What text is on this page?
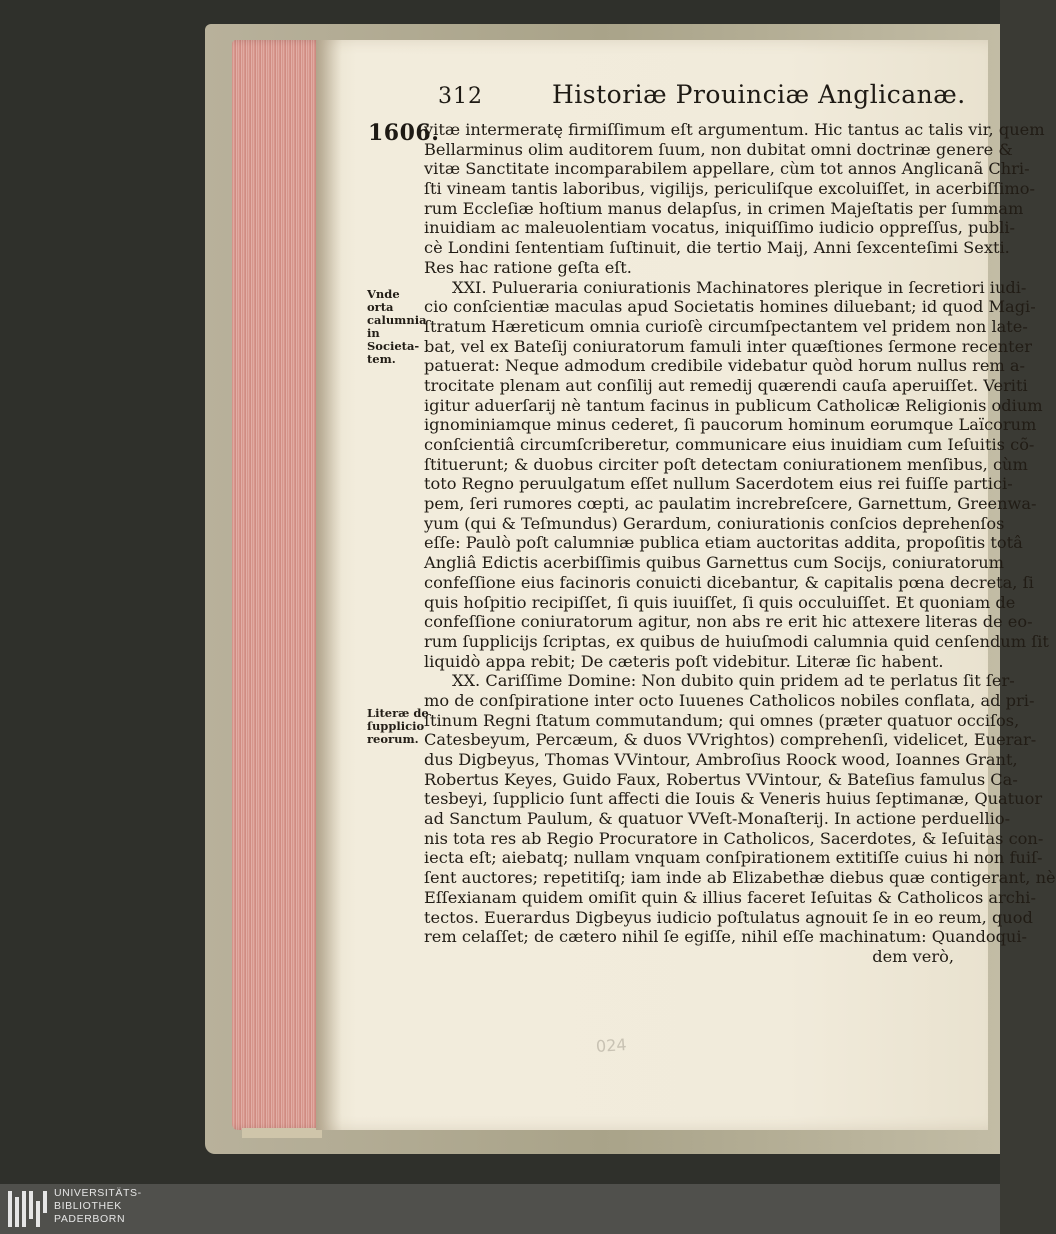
312	Historiæ Prouinciæ Anglicanæ.
1606.
Vnde orta
calumnia
in Societa-
tem.
Literæ de
ſupplicio
reorum.
vitæ intermeratę firmiſſimum eſt argumentum. Hic tantus ac talis vir, quem
Bellarminus olim auditorem ſuum, non dubitat omni doctrinæ genere &
vitæ Sanctitate incomparabilem appellare, cùm tot annos Anglicanã Chri-
ſti vineam tantis laboribus, vigilijs, periculiſque excoluiſſet, in acerbiſſimo-
rum Eccleſiæ hoſtium manus delapſus, in crimen Majeſtatis per ſummam
inuidiam ac maleuolentiam vocatus, iniquiſſimo iudicio oppreſſus, publi-
cè Londini ſententiam ſuſtinuit, die tertio Maij, Anni ſexcenteſimi Sexti.
Res hac ratione geſta eſt.
XXI. Pulueraria coniurationis Machinatores plerique in ſecretiori iudi-
cio conſcientiæ maculas apud Societatis homines diluebant; id quod Magi-
ſtratum Hæreticum omnia curioſè circumſpectantem vel pridem non late-
bat, vel ex Bateſij coniuratorum famuli inter quæſtiones ſermone recenter
patuerat: Neque admodum credibile videbatur quòd horum nullus rem a-
trocitate plenam aut conſilij aut remedij quærendi cauſa aperuiſſet. Veriti
igitur aduerſarij nè tantum facinus in publicum Catholicæ Religionis odium
ignominiamque minus cederet, ſi paucorum hominum eorumque Laïcorum
conſcientiâ circumſcriberetur, communicare eius inuidiam cum Ieſuitis cõ-
ſtituerunt; & duobus circiter poſt detectam coniurationem menſibus, cùm
toto Regno peruulgatum eſſet nullum Sacerdotem eius rei fuiſſe partici-
pem, ſeri rumores cœpti, ac paulatim increbreſcere, Garnettum, Greenwa-
yum (qui & Teſmundus) Gerardum, coniurationis conſcios deprehenſos
eſſe: Paulò poſt calumniæ publica etiam auctoritas addita, propoſitis totâ
Angliâ Edictis acerbiſſimis quibus Garnettus cum Socijs, coniuratorum
confeſſione eius facinoris conuicti dicebantur, & capitalis pœna decreta, ſi
quis hoſpitio recipiſſet, ſi quis iuuiſſet, ſi quis occuluiſſet. Et quoniam de
confeſſione coniuratorum agitur, non abs re erit hic attexere literas de eo-
rum ſupplicijs ſcriptas, ex quibus de huiuſmodi calumnia quid cenſendum ſit
liquidò appa rebit; De cæteris poſt videbitur. Literæ ſic habent.
XX. Cariſſime Domine: Non dubito quin pridem ad te perlatus ſit ſer-
mo de conſpiratione inter octo Iuuenes Catholicos nobiles conflata, ad pri-
ſtinum Regni ſtatum commutandum; qui omnes (præter quatuor occiſos,
Catesbeyum, Percæum, & duos VVrightos) comprehenſi, videlicet, Euerar-
dus Digbeyus, Thomas VVintour, Ambroſius Roock wood, Ioannes Grant,
Robertus Keyes, Guido Faux, Robertus VVintour, & Bateſius famulus Ca-
tesbeyi, ſupplicio ſunt affecti die Iouis & Veneris huius ſeptimanæ, Quatuor
ad Sanctum Paulum, & quatuor VVeſt-Monaſterij. In actione perduellio-
nis tota res ab Regio Procuratore in Catholicos, Sacerdotes, & Ieſuitas con-
iecta eſt; aiebatq; nullam vnquam conſpirationem extitiſſe cuius hi non fuiſ-
ſent auctores; repetitiſq; iam inde ab Elizabethæ diebus quæ contigerant, nè
Eſſexianam quidem omiſit quin & illius faceret Ieſuitas & Catholicos archi-
tectos. Euerardus Digbeyus iudicio poſtulatus agnouit ſe in eo reum, quod
rem celaſſet; de cætero nihil ſe egiſſe, nihil eſſe machinatum: Quandoqui-
dem verò,
024
UNIVERSITÄTS-
BIBLIOTHEK
PADERBORN
